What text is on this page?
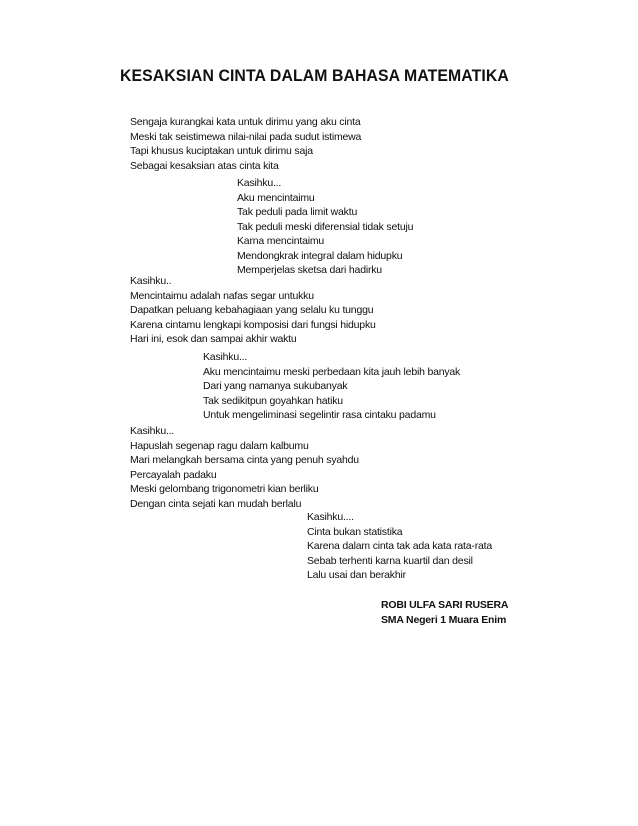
KESAKSIAN CINTA DALAM BAHASA MATEMATIKA
Sengaja kurangkai kata untuk dirimu yang aku cinta
Meski tak seistimewa nilai-nilai pada sudut istimewa
Tapi khusus kuciptakan untuk dirimu saja
Sebagai kesaksian atas cinta kita
Kasihku...
Aku mencintaimu
Tak peduli pada limit waktu
Tak peduli meski diferensial tidak setuju
Karna mencintaimu
Mendongkrak integral dalam hidupku
Memperjelas sketsa dari hadirku
Kasihku..
Mencintaimu adalah nafas segar untukku
Dapatkan peluang kebahagiaan yang selalu ku tunggu
Karena cintamu lengkapi komposisi dari fungsi hidupku
Hari ini, esok dan sampai akhir waktu
Kasihku...
Aku mencintaimu meski perbedaan kita jauh lebih banyak
Dari yang namanya sukubanyak
Tak sedikitpun goyahkan hatiku
Untuk mengeliminasi segelintir rasa cintaku padamu
Kasihku...
Hapuslah segenap ragu dalam kalbumu
Mari melangkah bersama cinta yang penuh syahdu
Percayalah padaku
Meski gelombang trigonometri kian berliku
Dengan cinta sejati kan mudah berlalu
Kasihku....
Cinta bukan statistika
Karena dalam cinta tak ada kata rata-rata
Sebab terhenti karna kuartil dan desil
Lalu usai dan berakhir
ROBI ULFA SARI RUSERA
SMA Negeri 1 Muara Enim
